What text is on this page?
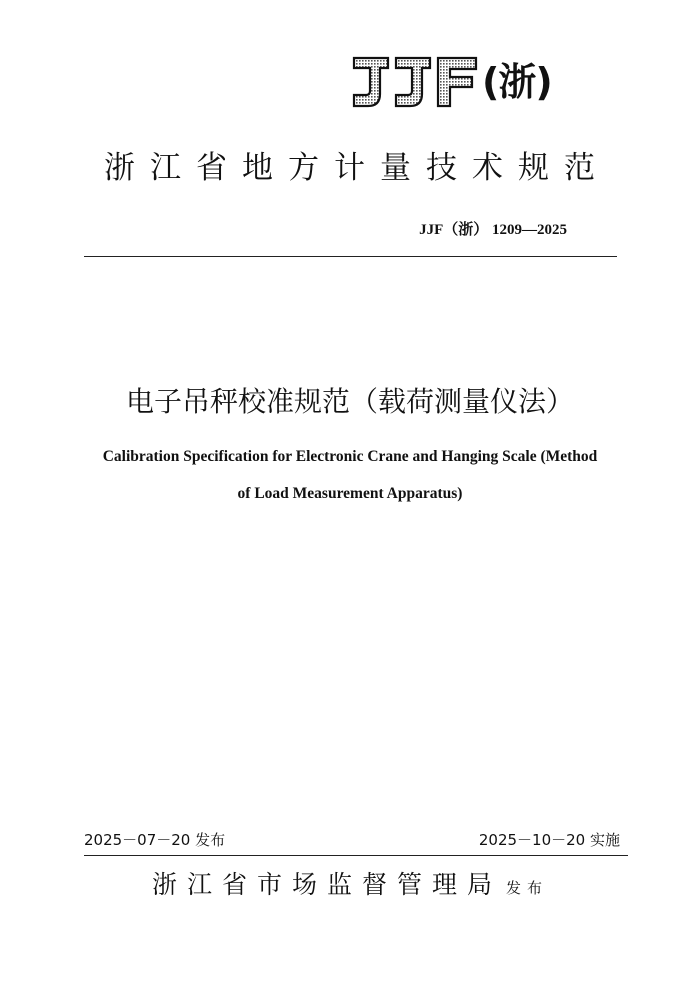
(浙)
浙江省地方计量技术规范
JJF（浙） 1209—2025
电子吊秤校准规范（载荷测量仪法）
Calibration Specification for Electronic Crane and Hanging Scale (Method
of Load Measurement Apparatus)
2025－07－20 发布	2025－10－20 实施
浙江省市场监督管理局 发布
